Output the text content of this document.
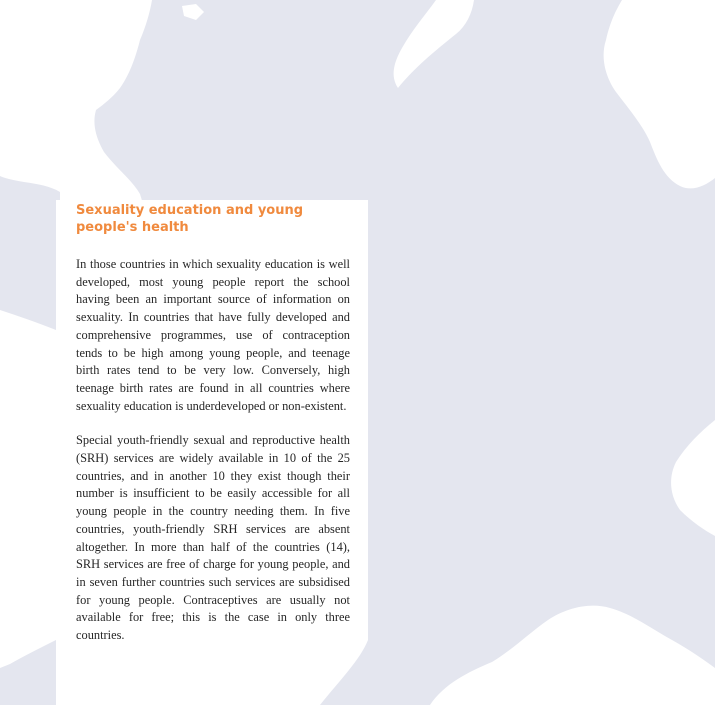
Sexuality education and young people's health

In those countries in which sexuality education is well developed, most young people report the school having been an important source of information on sexuality. In countries that have fully developed and comprehensive programmes, use of contraception tends to be high among young people, and teenage birth rates tend to be very low. Conversely, high teenage birth rates are found in all countries where sexuality education is underdeveloped or non-existent.

Special youth-friendly sexual and reproductive health (SRH) services are widely available in 10 of the 25 countries, and in another 10 they exist though their number is insufficient to be easily accessible for all young people in the country needing them. In five countries, youth-friendly SRH services are absent altogether. In more than half of the countries (14), SRH services are free of charge for young people, and in seven further countries such services are subsidised for young people. Contraceptives are usually not available for free; this is the case in only three countries.
